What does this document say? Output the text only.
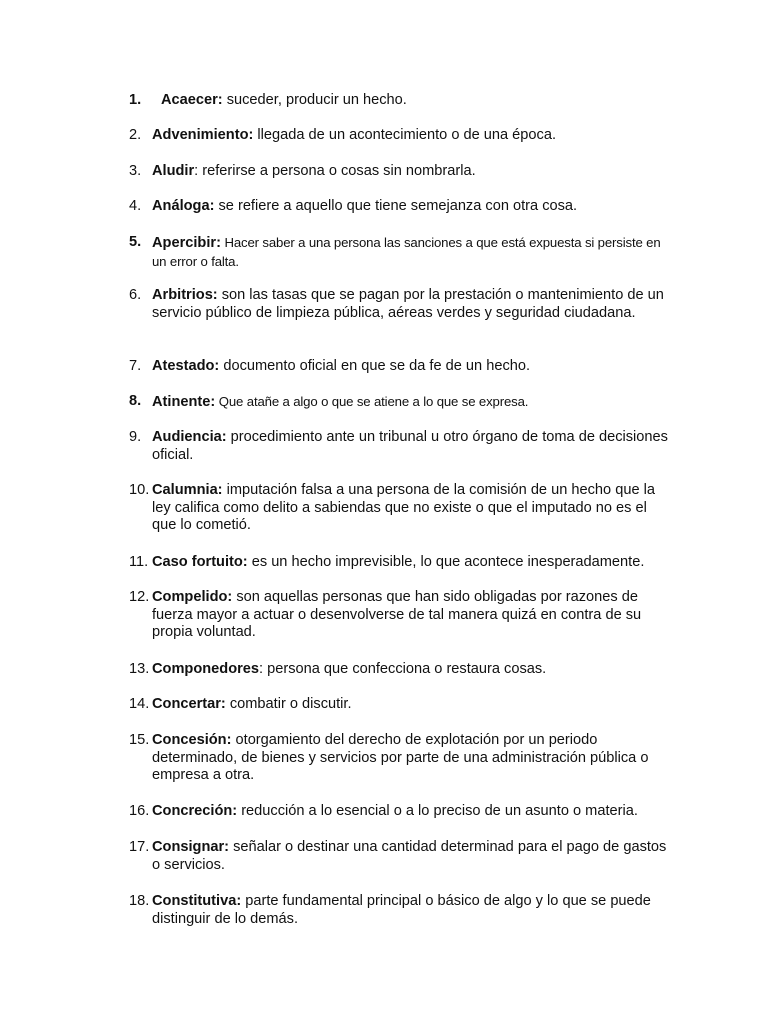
1. Acaecer: suceder, producir un hecho.
2. Advenimiento: llegada de un acontecimiento o de una época.
3. Aludir: referirse a persona o cosas sin nombrarla.
4. Análoga: se refiere a aquello que tiene semejanza con otra cosa.
5. Apercibir: Hacer saber a una persona las sanciones a que está expuesta si persiste en un error o falta.
6. Arbitrios: son las tasas que se pagan por la prestación o mantenimiento de un servicio público de limpieza pública, aéreas verdes y seguridad ciudadana.
7. Atestado: documento oficial en que se da fe de un hecho.
8. Atinente: Que atañe a algo o que se atiene a lo que se expresa.
9. Audiencia: procedimiento ante un tribunal u otro órgano de toma de decisiones oficial.
10. Calumnia: imputación falsa a una persona de la comisión de un hecho que la ley califica como delito a sabiendas que no existe o que el imputado no es el que lo cometió.
11. Caso fortuito: es un hecho imprevisible, lo que acontece inesperadamente.
12. Compelido: son aquellas personas que han sido obligadas por razones de fuerza mayor a actuar o desenvolverse de tal manera quizá en contra de su propia voluntad.
13. Componedores: persona que confecciona o restaura cosas.
14. Concertar: combatir o discutir.
15. Concesión: otorgamiento del derecho de explotación por un periodo determinado, de bienes y servicios por parte de una administración pública o empresa a otra.
16. Concreción: reducción a lo esencial o a lo preciso de un asunto o materia.
17. Consignar: señalar o destinar una cantidad determinad para el pago de gastos o servicios.
18. Constitutiva: parte fundamental principal o básico de algo y lo que se puede distinguir de lo demás.
